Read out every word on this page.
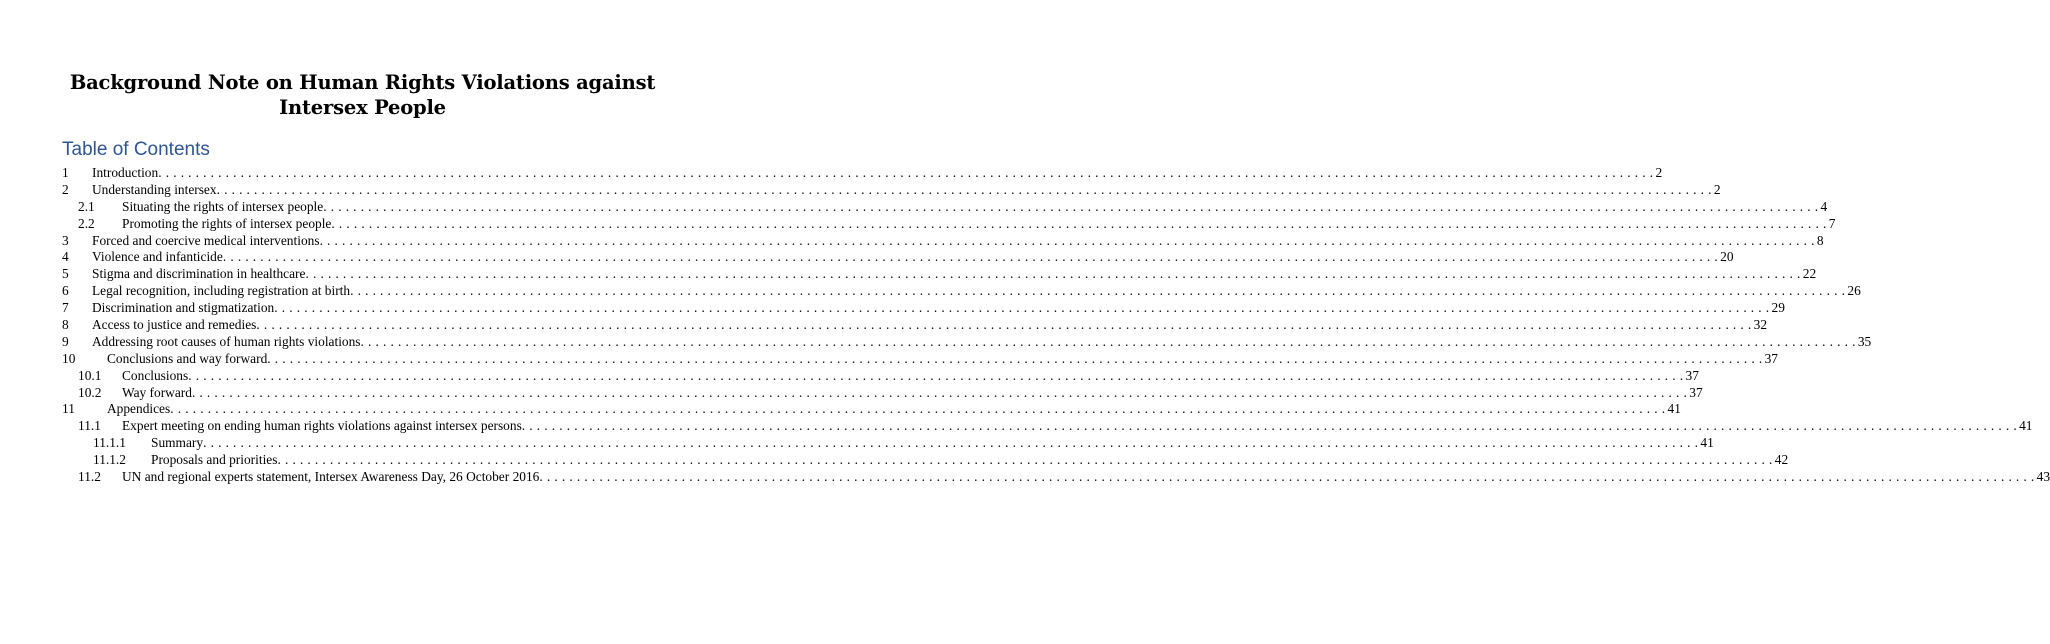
Background Note on Human Rights Violations against
Intersex People
Table of Contents
1 Introduction . . . . . . . . . . . . . . . . . . . . . . . . . . . . . . . . . . . . . . . . . . . . . . . . . . . . . . . . . . . . . . . . . . . . . . . . . . . . . . . . . . . . . . . . . . . . . . . . . . . . . . . . . . . . . . . . . . . . . . . . . . . . . . . . . . . . . . . . . . . . . . . . . . . . . . . . . . . . . . . . . . . . . . . . . . . . . . . . . . . . . . . . . . . . . . . . . . . . . . . . 2
2 Understanding intersex . . . . . . . . . . . . . . . . . . . . . . . . . . . . . . . . . . . . . . . . . . . . . . . . . . . . . . . . . . . . . . . . . . . . . . . . . . . . . . . . . . . . . . . . . . . . . . . . . . . . . . . . . . . . . . . . . . . . . . . . . . . . . . . . . . . . . . . . . . . . . . . . . . . . . . . . . . . . . . . . . . . . . . . . . . . . . . . . . . . . . . . . . . . . . . . . . . . . . . . . 2
2.1 Situating the rights of intersex people . . . . . . . . . . . . . . . . . . . . . . . . . . . . . . . . . . . . . . . . . . . . . . . . . . . . . . . . . . . . . . . . . . . . . . . . . . . . . . . . . . . . . . . . . . . . . . . . . . . . . . . . . . . . . . . . . . . . . . . . . . . . . . . . . . . . . . . . . . . . . . . . . . . . . . . . . . . . . . . . . . . . . . . . . . . . . . . . . . . . . . . . . . . . . . . . . . . . . . . . 4
2.2 Promoting the rights of intersex people . . . . . . . . . . . . . . . . . . . . . . . . . . . . . . . . . . . . . . . . . . . . . . . . . . . . . . . . . . . . . . . . . . . . . . . . . . . . . . . . . . . . . . . . . . . . . . . . . . . . . . . . . . . . . . . . . . . . . . . . . . . . . . . . . . . . . . . . . . . . . . . . . . . . . . . . . . . . . . . . . . . . . . . . . . . . . . . . . . . . . . . . . . . . . . . . . . . . . . . . 7
3 Forced and coercive medical interventions . . . . . . . . . . . . . . . . . . . . . . . . . . . . . . . . . . . . . . . . . . . . . . . . . . . . . . . . . . . . . . . . . . . . . . . . . . . . . . . . . . . . . . . . . . . . . . . . . . . . . . . . . . . . . . . . . . . . . . . . . . . . . . . . . . . . . . . . . . . . . . . . . . . . . . . . . . . . . . . . . . . . . . . . . . . . . . . . . . . . . . . . . . . . . . . . . . . . . . . . 8
4 Violence and infanticide . . . . . . . . . . . . . . . . . . . . . . . . . . . . . . . . . . . . . . . . . . . . . . . . . . . . . . . . . . . . . . . . . . . . . . . . . . . . . . . . . . . . . . . . . . . . . . . . . . . . . . . . . . . . . . . . . . . . . . . . . . . . . . . . . . . . . . . . . . . . . . . . . . . . . . . . . . . . . . . . . . . . . . . . . . . . . . . . . . . . . . . . . . . . . . . . . . . . . . . . 20
5 Stigma and discrimination in healthcare . . . . . . . . . . . . . . . . . . . . . . . . . . . . . . . . . . . . . . . . . . . . . . . . . . . . . . . . . . . . . . . . . . . . . . . . . . . . . . . . . . . . . . . . . . . . . . . . . . . . . . . . . . . . . . . . . . . . . . . . . . . . . . . . . . . . . . . . . . . . . . . . . . . . . . . . . . . . . . . . . . . . . . . . . . . . . . . . . . . . . . . . . . . . . . . . . . . . . . . . 22
6 Legal recognition, including registration at birth . . . . . . . . . . . . . . . . . . . . . . . . . . . . . . . . . . . . . . . . . . . . . . . . . . . . . . . . . . . . . . . . . . . . . . . . . . . . . . . . . . . . . . . . . . . . . . . . . . . . . . . . . . . . . . . . . . . . . . . . . . . . . . . . . . . . . . . . . . . . . . . . . . . . . . . . . . . . . . . . . . . . . . . . . . . . . . . . . . . . . . . . . . . . . . . . . . . . . . . . 26
7 Discrimination and stigmatization . . . . . . . . . . . . . . . . . . . . . . . . . . . . . . . . . . . . . . . . . . . . . . . . . . . . . . . . . . . . . . . . . . . . . . . . . . . . . . . . . . . . . . . . . . . . . . . . . . . . . . . . . . . . . . . . . . . . . . . . . . . . . . . . . . . . . . . . . . . . . . . . . . . . . . . . . . . . . . . . . . . . . . . . . . . . . . . . . . . . . . . . . . . . . . . . . . . . . . . . 29
8 Access to justice and remedies . . . . . . . . . . . . . . . . . . . . . . . . . . . . . . . . . . . . . . . . . . . . . . . . . . . . . . . . . . . . . . . . . . . . . . . . . . . . . . . . . . . . . . . . . . . . . . . . . . . . . . . . . . . . . . . . . . . . . . . . . . . . . . . . . . . . . . . . . . . . . . . . . . . . . . . . . . . . . . . . . . . . . . . . . . . . . . . . . . . . . . . . . . . . . . . . . . . . . . . . 32
9 Addressing root causes of human rights violations . . . . . . . . . . . . . . . . . . . . . . . . . . . . . . . . . . . . . . . . . . . . . . . . . . . . . . . . . . . . . . . . . . . . . . . . . . . . . . . . . . . . . . . . . . . . . . . . . . . . . . . . . . . . . . . . . . . . . . . . . . . . . . . . . . . . . . . . . . . . . . . . . . . . . . . . . . . . . . . . . . . . . . . . . . . . . . . . . . . . . . . . . . . . . . . . . . . . . . . . 35
10 Conclusions and way forward . . . . . . . . . . . . . . . . . . . . . . . . . . . . . . . . . . . . . . . . . . . . . . . . . . . . . . . . . . . . . . . . . . . . . . . . . . . . . . . . . . . . . . . . . . . . . . . . . . . . . . . . . . . . . . . . . . . . . . . . . . . . . . . . . . . . . . . . . . . . . . . . . . . . . . . . . . . . . . . . . . . . . . . . . . . . . . . . . . . . . . . . . . . . . . . . . . . . . . . . 37
10.1 Conclusions . . . . . . . . . . . . . . . . . . . . . . . . . . . . . . . . . . . . . . . . . . . . . . . . . . . . . . . . . . . . . . . . . . . . . . . . . . . . . . . . . . . . . . . . . . . . . . . . . . . . . . . . . . . . . . . . . . . . . . . . . . . . . . . . . . . . . . . . . . . . . . . . . . . . . . . . . . . . . . . . . . . . . . . . . . . . . . . . . . . . . . . . . . . . . . . . . . . . . . . . 37
10.2 Way forward . . . . . . . . . . . . . . . . . . . . . . . . . . . . . . . . . . . . . . . . . . . . . . . . . . . . . . . . . . . . . . . . . . . . . . . . . . . . . . . . . . . . . . . . . . . . . . . . . . . . . . . . . . . . . . . . . . . . . . . . . . . . . . . . . . . . . . . . . . . . . . . . . . . . . . . . . . . . . . . . . . . . . . . . . . . . . . . . . . . . . . . . . . . . . . . . . . . . . . . . 37
11 Appendices . . . . . . . . . . . . . . . . . . . . . . . . . . . . . . . . . . . . . . . . . . . . . . . . . . . . . . . . . . . . . . . . . . . . . . . . . . . . . . . . . . . . . . . . . . . . . . . . . . . . . . . . . . . . . . . . . . . . . . . . . . . . . . . . . . . . . . . . . . . . . . . . . . . . . . . . . . . . . . . . . . . . . . . . . . . . . . . . . . . . . . . . . . . . . . . . . . . . . . . . 41
11.1 Expert meeting on ending human rights violations against intersex persons . . . . . . . . . . . . . . . . . . . . . . . . . . . . . . . . . . . . . . . . . . . . . . . . . . . . . . . . . . . . . . . . . . . . . . . . . . . . . . . . . . . . . . . . . . . . . . . . . . . . . . . . . . . . . . . . . . . . . . . . . . . . . . . . . . . . . . . . . . . . . . . . . . . . . . . . . . . . . . . . . . . . . . . . . . . . . . . . . . . . . . . . . . . . . . . . . . . . . . . . 41
11.1.1 Summary . . . . . . . . . . . . . . . . . . . . . . . . . . . . . . . . . . . . . . . . . . . . . . . . . . . . . . . . . . . . . . . . . . . . . . . . . . . . . . . . . . . . . . . . . . . . . . . . . . . . . . . . . . . . . . . . . . . . . . . . . . . . . . . . . . . . . . . . . . . . . . . . . . . . . . . . . . . . . . . . . . . . . . . . . . . . . . . . . . . . . . . . . . . . . . . . . . . . . . . . 41
11.1.2 Proposals and priorities . . . . . . . . . . . . . . . . . . . . . . . . . . . . . . . . . . . . . . . . . . . . . . . . . . . . . . . . . . . . . . . . . . . . . . . . . . . . . . . . . . . . . . . . . . . . . . . . . . . . . . . . . . . . . . . . . . . . . . . . . . . . . . . . . . . . . . . . . . . . . . . . . . . . . . . . . . . . . . . . . . . . . . . . . . . . . . . . . . . . . . . . . . . . . . . . . . . . . . . . 42
11.2 UN and regional experts statement, Intersex Awareness Day, 26 October 2016 . . . . . . . . . . . . . . . . . . . . . . . . . . . . . . . . . . . . . . . . . . . . . . . . . . . . . . . . . . . . . . . . . . . . . . . . . . . . . . . . . . . . . . . . . . . . . . . . . . . . . . . . . . . . . . . . . . . . . . . . . . . . . . . . . . . . . . . . . . . . . . . . . . . . . . . . . . . . . . . . . . . . . . . . . . . . . . . . . . . . . . . . . . . . . . . . . . . . . . . . 43
